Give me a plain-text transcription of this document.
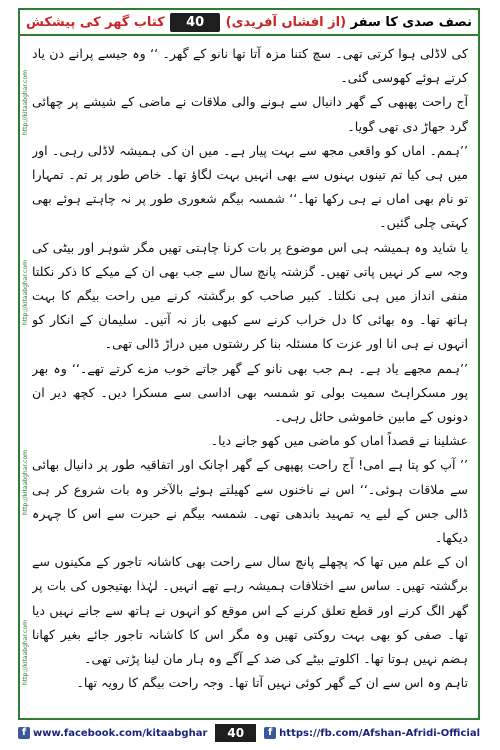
کتاب گھر کی پیشکش	40	نصف صدی کا سفر (از افشاں آفریدی)
http://kitaabghar.com
http://kitaabghar.com
http://kitaabghar.com
http://kitaabghar.com

کی لاڈلی ہوا کرتی تھی۔ سچ کتنا مزہ آتا تھا نانو کے گھر۔ ‘‘ وہ جیسے پرانے دن یاد کرتے ہوئے کھوسی گئی۔

آج راحت پھپھی کے گھر دانیال سے ہونے والی ملاقات نے ماضی کے شیشے پر چھائی گرد جھاڑ دی تھی گویا۔

’’ہمم۔ اماں کو واقعی مجھ سے بہت پیار ہے۔ میں ان کی ہمیشہ لاڈلی رہی۔ اور میں ہی کیا تم تینوں بہنوں سے بھی انہیں بہت لگاؤ تھا۔ خاص طور پر تم۔ تمہارا تو نام بھی اماں نے ہی رکھا تھا۔‘‘ شمسہ بیگم شعوری طور پر نہ چاہتے ہوئے بھی کہتی چلی گئیں۔

یا شاید وہ ہمیشہ ہی اس موضوع پر بات کرنا چاہتی تھیں مگر شوہر اور بیٹی کی وجہ سے کر نہیں پاتی تھیں۔ گزشتہ پانچ سال سے جب بھی ان کے میکے کا ذکر نکلتا منفی انداز میں ہی نکلتا۔ کبیر صاحب کو برگشتہ کرنے میں راحت بیگم کا بہت ہاتھ تھا۔ وہ بھائی کا دل خراب کرنے سے کبھی باز نہ آتیں۔ سلیمان کے انکار کو انہوں نے ہی انا اور عزت کا مسئلہ بنا کر رشتوں میں دراڑ ڈالی تھی۔

’’ہمم مجھے یاد ہے۔ ہم جب بھی نانو کے گھر جاتے خوب مزے کرتے تھے۔‘‘ وہ بھر پور مسکراہٹ سمیت بولی تو شمسہ بھی اداسی سے مسکرا دیں۔ کچھ دیر ان دونوں کے مابین خاموشی حائل رہی۔

عشلینا نے قصداً اماں کو ماضی میں کھو جانے دیا۔

’’ آپ کو پتا ہے امی! آج راحت پھپھی کے گھر اچانک اور اتفاقیہ طور پر دانیال بھائی سے ملاقات ہوئی۔‘‘ اس نے ناخنوں سے کھیلتے ہوئے بالآخر وہ بات شروع کر ہی ڈالی جس کے لیے یہ تمہید باندھی تھی۔ شمسہ بیگم نے حیرت سے اس کا چہرہ دیکھا۔

ان کے علم میں تھا کہ پچھلے پانچ سال سے راحت بھی کاشانہ تاجور کے مکینوں سے برگشتہ تھیں۔ ساس سے اختلافات ہمیشہ رہے تھے انہیں۔ لہٰذا بھتیجوں کی بات پر گھر الگ کرنے اور قطع تعلق کرنے کے اس موقع کو انہوں نے ہاتھ سے جانے نہیں دیا تھا۔ صفی کو بھی بہت روکتی تھیں وہ مگر اس کا کاشانہ تاجور جائے بغیر کھانا ہضم نہیں ہوتا تھا۔ اکلوتے بیٹے کی ضد کے آگے وہ ہار مان لینا پڑتی تھی۔

تاہم وہ اس سے ان کے گھر کوئی نہیں آتا تھا۔ وجہ راحت بیگم کا رویہ تھا۔

f www.facebook.com/kitaabghar	40	f https://fb.com/Afshan-Afridi-Official
